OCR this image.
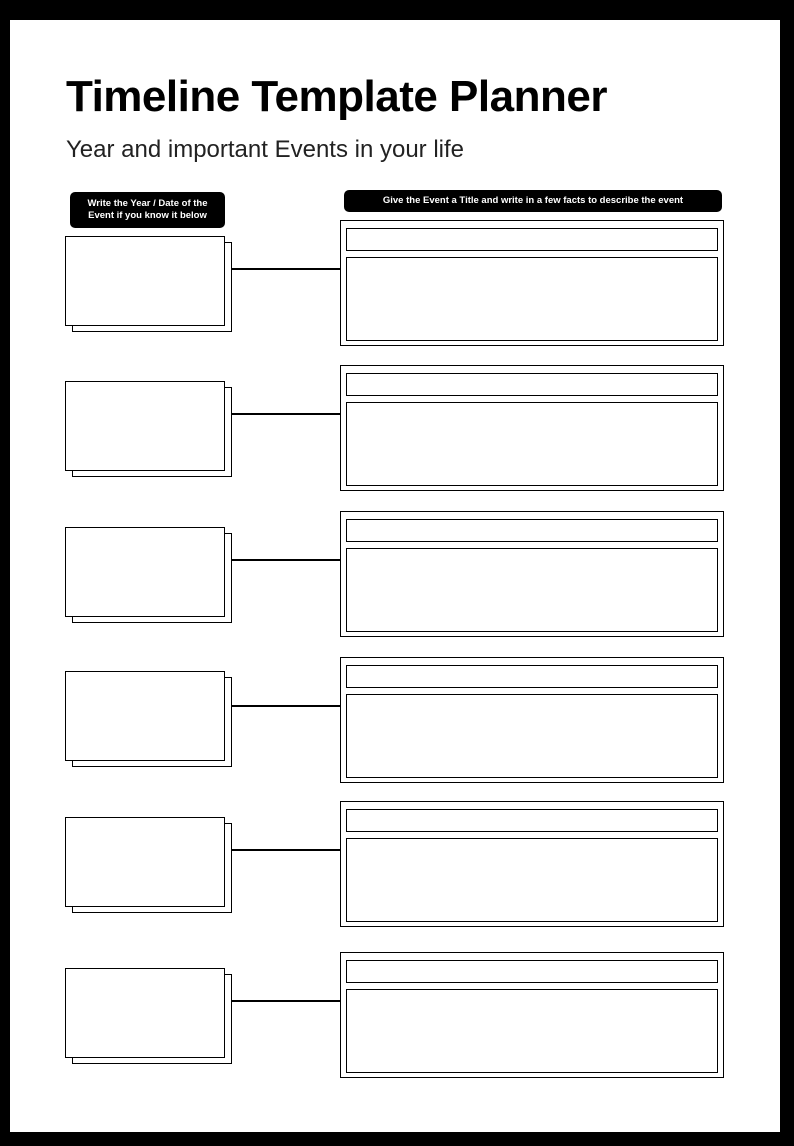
Timeline Template Planner
Year and important Events in your life
Write the Year / Date of the Event if you know it below
Give the Event a Title and write in a few facts to describe the event
